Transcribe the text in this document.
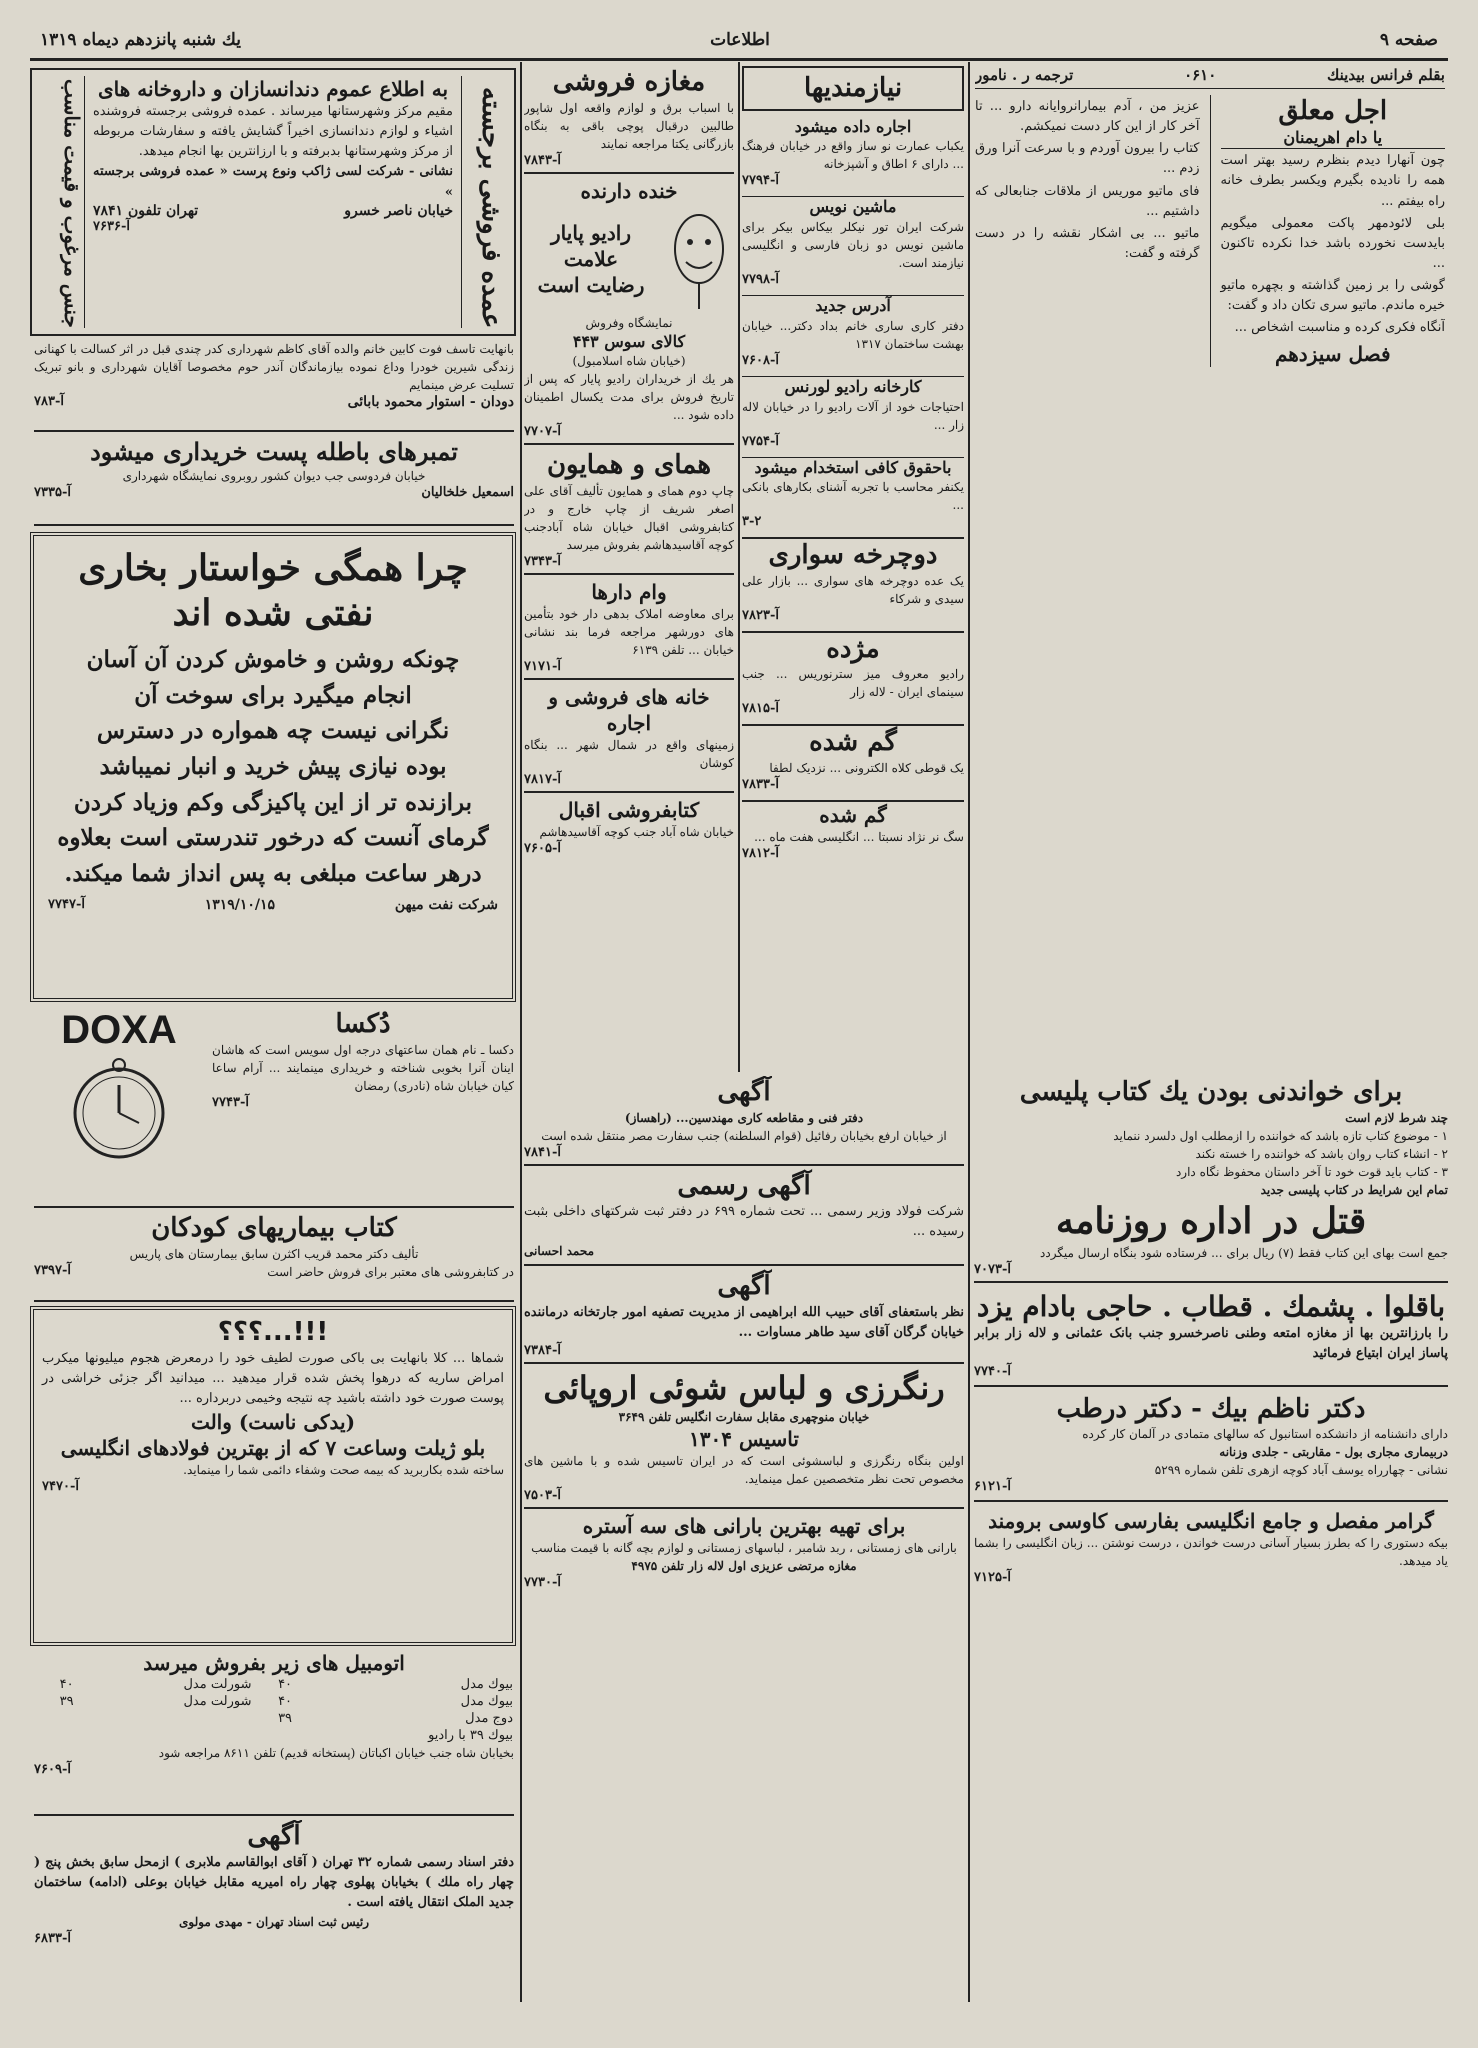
صفحه ۹
اطلاعات
یك شنبه پانزدهم دیماه ۱۳۱۹
بقلم فرانس بیدینك
۰۶۱۰
ترجمه ر . نامور
اجل معلق
یا دام اهریمنان

چون آنهارا دیدم بنظرم رسید بهتر است همه را نادیده بگیرم ویکسر بطرف خانه راه بیفتم ...

بلی لائودمهر پاکت معمولی میگویم بایدست نخورده باشد خدا نکرده تاکنون ...

گوشی را بر زمین گذاشته و بچهره ماتیو خیره ماندم. ماتیو سری تکان داد و گفت:

آنگاه فکری کرده و مناسبت اشخاص ...

فصل سیزدهم

عزیز من ، آدم بیمارانروایانه دارو ... تا آخر کار از این کار دست نمیکشم.

کتاب را بیرون آوردم و با سرعت آنرا ورق زدم ...

فای ماتیو موریس از ملاقات جنابعالی که داشتیم ...

ماتیو ... بی اشکار نقشه را در دست گرفته و گفت:

نیازمندیها
اجاره داده میشود
یکباب عمارت نو ساز واقع در خیابان فرهنگ ... دارای ۶ اطاق و آشپزخانه
آ-۷۷۹۴
ماشین نویس
شرکت ایران تور نیکلر بیکاس بیکر برای ماشین نویس دو زبان فارسی و انگلیسی نیازمند است.
آ-۷۷۹۸
آدرس جدید
دفتر کاری ساری خانم بداد دکتر... خیابان بهشت ساختمان ۱۳۱۷
آ-۷۶۰۸
کارخانه رادیو لورنس
احتیاجات خود از آلات رادیو را در خیابان لاله زار ...
آ-۷۷۵۴
باحقوق کافی استخدام میشود
یکنفر محاسب با تجربه آشنای بکارهای بانکی ...
۳-۲
دوچرخه سواری
یک عده دوچرخه های سواری ... بازار علی سیدی و شرکاء
آ-۷۸۲۳
مژده
رادیو معروف میز سترنوریس ... جنب سینمای ایران - لاله زار
آ-۷۸۱۵
گم شده
یک قوطی کلاه الکترونی ... نزدیک لطفا
آ-۷۸۳۳
گم شده
سگ نر نژاد نسبتا ... انگلیسی هفت ماه ...
آ-۷۸۱۲
مغازه فروشی
با اسباب برق و لوازم واقعه اول شاپور طالبین درقبال پوچی باقی به بنگاه بازرگانی یکتا مراجعه نمایند
آ-۷۸۴۳
خنده دارنده
رادیو پایار
علامت
رضایت است
نمایشگاه وفروش
کالای سوس ۴۴۳
(خیابان شاه اسلامبول)
هر یك از خریداران رادیو پایار که پس از تاریخ فروش برای مدت یکسال اطمینان داده شود ...
آ-۷۷۰۷
همای و همایون
چاپ دوم همای و همایون تألیف آقای علی اصغر شریف از چاپ خارج و در کتابفروشی اقبال خیابان شاه آبادجنب کوچه آقاسیدهاشم بفروش میرسد
آ-۷۳۴۳
وام دارها
برای معاوضه املاک بدهی دار خود بتأمین های دورشهر مراجعه فرما بند نشانی خیابان ... تلفن ۶۱۳۹
آ-۷۱۷۱
خانه های فروشی و اجاره
زمینهای واقع در شمال شهر ... بنگاه کوشان
آ-۷۸۱۷
کتابفروشی اقبال
خیابان شاه آباد جنب کوچه آقاسیدهاشم
آ-۷۶۰۵
عمده فروشی برجسته
به اطلاع عموم دندانسازان و داروخانه های
مقیم مرکز وشهرستانها میرساند . عمده فروشی برجسته فروشنده اشیاء و لوازم دندانسازی اخیراً گشایش یافته و سفارشات مربوطه از مرکز وشهرستانها بدبرفته و با ارزانترین بها انجام میدهد.
نشانی - شرکت لسی ژاکب ونوع پرست « عمده فروشی برجسته »
خیابان ناصر خسرو
تهران تلفون ۷۸۴۱
آ-۷۶۳۶
جنس مرغوب و قیمت مناسب
بانهایت تاسف فوت کابین خانم والده آقای کاظم شهرداری کدر چندی قبل در اثر کسالت با کهنانی زندگی شیرین خودرا وداع نموده بیازماندگان آندر حوم مخصوصا آقایان شهرداری و بانو تبریک تسلیت عرض مینمایم
دودان - استوار محمود بابائی
آ-۷۸۳
تمبرهای باطله پست خریداری میشود
خیابان فردوسی جب دیوان کشور روبروی نمایشگاه شهرداری
اسمعیل خلخالیان
آ-۷۳۳۵
چرا همگی خواستار بخاری
نفتی شده اند
چونکه روشن و خاموش کردن آن آسان
انجام میگیرد برای سوخت آن
نگرانی نیست چه همواره در دسترس
بوده نیازی پیش خرید و انبار نمیباشد
برازنده تر از این پاکیزگی وکم وزیاد کردن
گرمای آنست که درخور تندرستی است بعلاوه
درهر ساعت مبلغی به پس انداز شما میکند.
شرکت نفت میهن
۱۳۱۹/۱۰/۱۵
آ-۷۷۴۷
دُکسا
دکسا ـ نام همان ساعتهای درجه اول سویس است که هاشان اینان آنرا بخوبی شناخته و خریداری مینمایند ... آرام ساعا کیان خیابان شاه (نادری) رمضان
آ-۷۷۴۳
DOXA
کتاب بیماریهای کودکان
تألیف دکتر محمد قریب اکثرن سابق بیمارستان های پاریس
در کتابفروشی های معتبر برای فروش حاضر است
آ-۷۳۹۷
!!!...؟؟؟
شماها ... کلا بانهایت بی باکی صورت لطیف خود را درمعرض هجوم میلیونها میکرب امراض ساریه که درهوا پخش شده قرار میدهید ... میدانید اگر جزئی خراشی در پوست صورت خود داشته باشید چه نتیجه وخیمی دربرداره ...
(یدکی ناست) والت
بلو ژیلت وساعت ۷ که از بهترین فولادهای انگلیسی
ساخته شده بکاربرید که بیمه صحت وشفاء دائمی شما را مینماید.
آ-۷۴۷۰
اتومبیل های زیر بفروش میرسد
بیوك مدل	۴۰	شورلت مدل	۴۰
بیوك مدل	۴۰	شورلت مدل	۳۹
دوج مدل	۳۹		
بیوك ۳۹ با رادیو			
بخیابان شاه جنب خیابان اکباتان (پستخانه قدیم) تلفن ۸۶۱۱ مراجعه شود
آ-۷۶۰۹
آگهی
دفتر اسناد رسمی شماره ۳۲ تهران ( آقای ابوالقاسم ملابری ) ازمحل سابق بخش پنج ( چهار راه ملك ) بخیابان پهلوی چهار راه امیریه مقابل خیابان بوعلی (ادامه) ساختمان جدید الملک انتقال یافته است .
رئیس ثبت اسناد تهران - مهدی مولوی
آ-۶۸۳۳
آگهی
دفتر فنی و مقاطعه کاری مهندسین... (راهساز)
از خیابان ارفع بخیابان رفائیل (قوام السلطنه) جنب سفارت مصر منتقل شده است
آ-۷۸۴۱
آگهی رسمی
شرکت فولاد وزیر رسمی ... تحت شماره ۶۹۹ در دفتر ثبت شرکتهای داخلی بثبت رسیده ...
محمد احسانی
آگهی
نظر باستعفای آقای حبیب الله ابراهیمی از مدیریت تصفیه امور جارتخانه درماننده خیابان گرگان آقای سید طاهر مساوات ...
آ-۷۳۸۴
رنگرزی و لباس شوئی اروپائی
خیابان منوچهری مقابل سفارت انگلیس تلفن ۳۶۴۹
تاسیس ۱۳۰۴
اولین بنگاه رنگرزی و لباسشوئی است که در ایران تاسیس شده و با ماشین های مخصوص تحت نظر متخصصین عمل مینماید.
آ-۷۵۰۳
برای تهیه بهترین بارانی های سه آستره
بارانی های زمستانی ، ربد شامبر ، لباسهای زمستانی و لوازم بچه گانه با قیمت مناسب
مغازه مرتضی عزیزی اول لاله زار تلفن ۴۹۷۵
آ-۷۷۳۰
برای خواندنی بودن یك کتاب پلیسی
چند شرط لازم است
۱ - موضوع کتاب تازه باشد که خواننده را ازمطلب اول دلسرد ننماید
۲ - انشاء کتاب روان باشد که خواننده را خسته نکند
۳ - کتاب باید قوت خود تا آخر داستان محفوظ نگاه دارد
تمام این شرایط در کتاب پلیسی جدید
قتل در اداره روزنامه
جمع است بهای این کتاب فقط (۷) ریال برای ... فرستاده شود بنگاه ارسال میگردد
آ-۷۰۷۳
باقلوا . پشمك . قطاب . حاجی بادام یزد
را بارزانترین بها از مغازه امتعه وطنی ناصرخسرو جنب بانک عثمانی و لاله زار برابر پاساز ایران ابتیاع فرمائید
آ-۷۷۴۰
دکتر ناظم بیك - دکتر درطب
دارای دانشنامه از دانشکده استانبول که سالهای متمادی در آلمان کار کرده
دربیماری مجاری بول - مقاربتی - جلدی وزنانه
نشانی - چهارراه یوسف آباد کوچه ازهری تلفن شماره ۵۲۹۹
آ-۶۱۲۱
گرامر مفصل و جامع انگلیسی بفارسی کاوسی برومند
بیکه دستوری را که بطرز بسیار آسانی درست خواندن ، درست نوشتن ... زبان انگلیسی را بشما یاد میدهد.
آ-۷۱۲۵
